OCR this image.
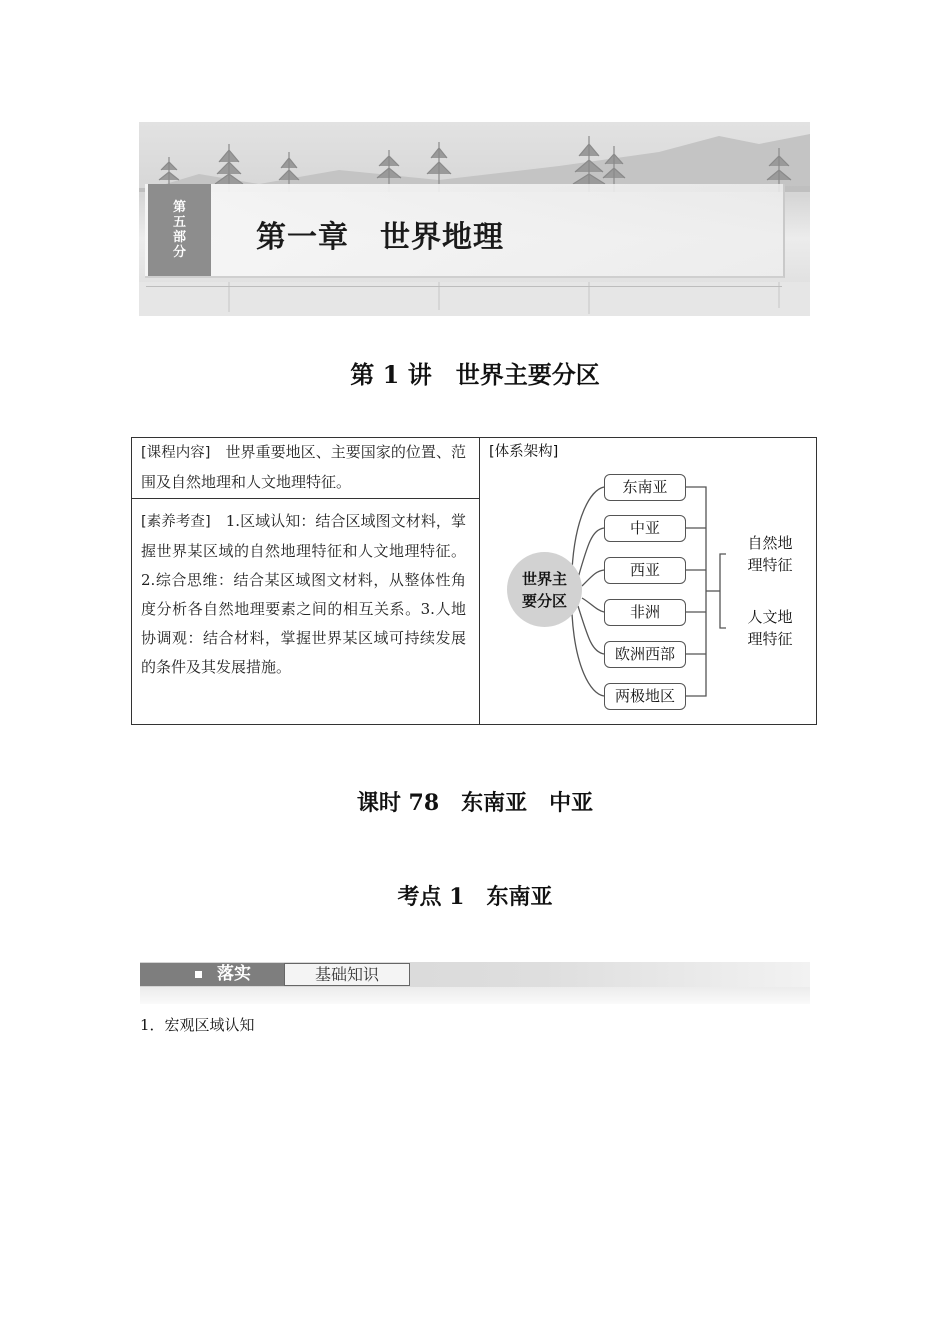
第
五
部
分 第一章　世界地理
第 1 讲　世界主要分区
[课程内容]　世界重要地区、主要国家的位置、范围及自然地理和人文地理特征。
[素养考查]　1.区域认知：结合区域图文材料，掌握世界某区域的自然地理特征和人文地理特征。2.综合思维：结合某区域图文材料，从整体性角度分析各自然地理要素之间的相互关系。3.人地协调观：结合材料，掌握世界某区域可持续发展的条件及其发展措施。
[体系架构]
世界主
要分区
东南亚
中亚
西亚
非洲
欧洲西部
两极地区
自然地
理特征
人文地
理特征
课时 78　东南亚　中亚
考点 1　东南亚
落实	基础知识
1．宏观区域认知
